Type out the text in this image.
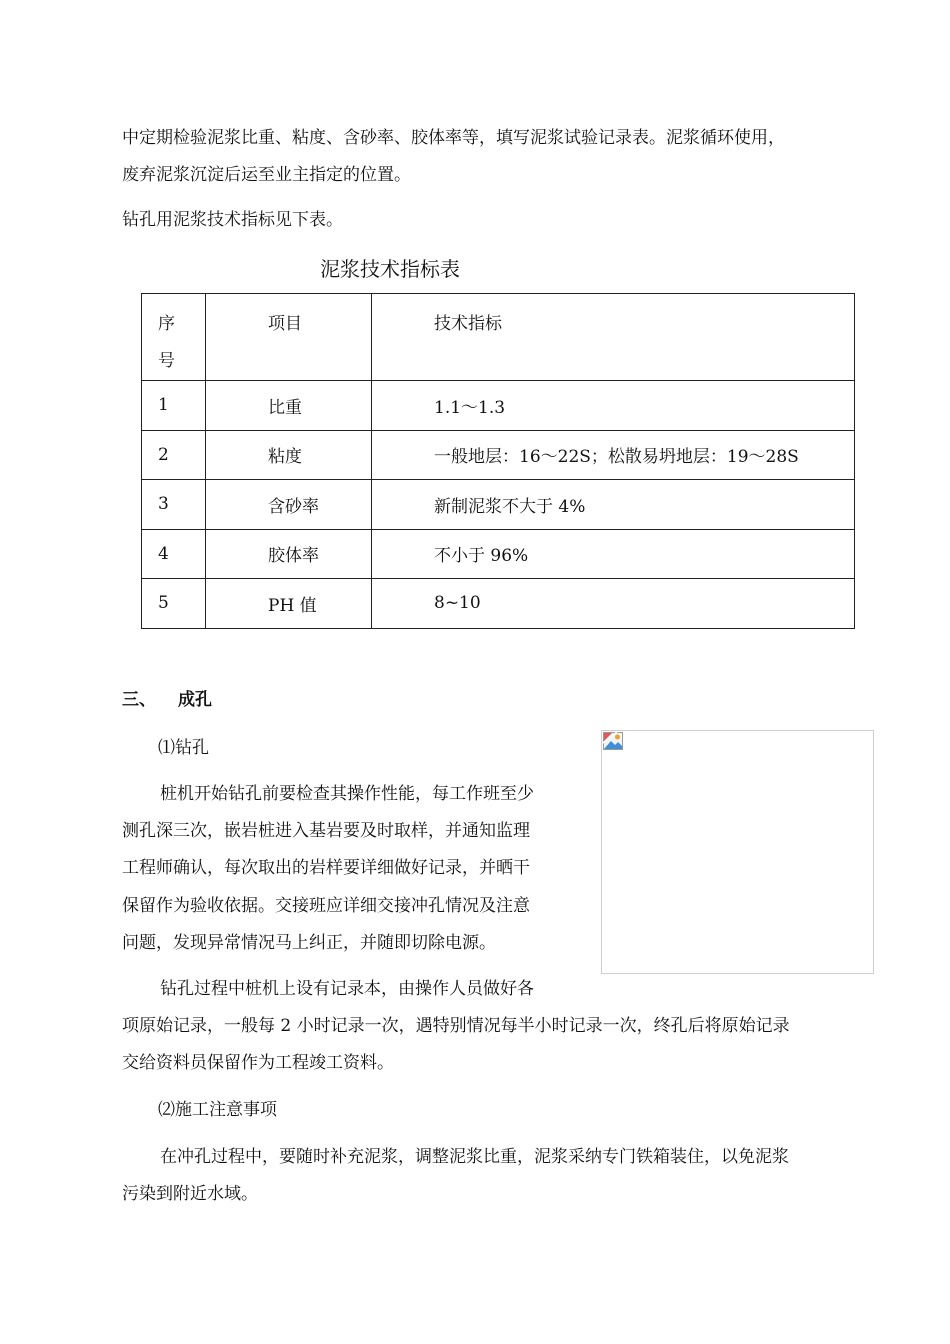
中定期检验泥浆比重、粘度、含砂率、胶体率等，填写泥浆试验记录表。泥浆循环使用，
废弃泥浆沉淀后运至业主指定的位置。
钻孔用泥浆技术指标见下表。
泥浆技术指标表
序
号	项目	技术指标
1	比重	1.1～1.3
2	粘度	一般地层：16～22S；松散易坍地层：19～28S
3	含砂率	新制泥浆不大于 4%
4	胶体率	不小于 96%
5	PH 值	8~10
三、 成孔
⑴钻孔
桩机开始钻孔前要检查其操作性能，每工作班至少
测孔深三次，嵌岩桩进入基岩要及时取样，并通知监理
工程师确认，每次取出的岩样要详细做好记录，并晒干
保留作为验收依据。交接班应详细交接冲孔情况及注意
问题，发现异常情况马上纠正，并随即切除电源。
钻孔过程中桩机上设有记录本，由操作人员做好各
项原始记录，一般每 2 小时记录一次，遇特别情况每半小时记录一次，终孔后将原始记录
交给资料员保留作为工程竣工资料。
⑵施工注意事项
在冲孔过程中，要随时补充泥浆，调整泥浆比重，泥浆采纳专门铁箱装住，以免泥浆
污染到附近水域。
